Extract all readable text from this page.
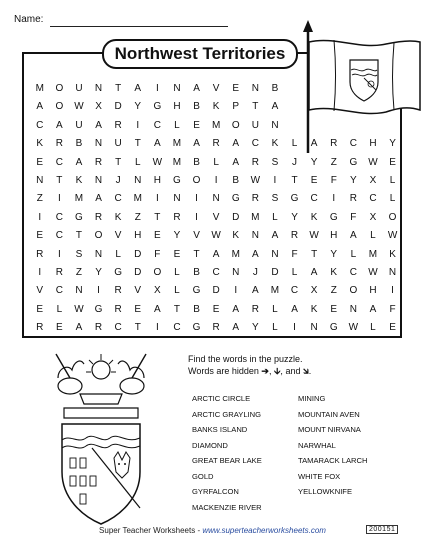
Name:
Northwest Territories
M	O	U	N	T	A	I	N	A	V	E	N	B
A	O	W	X	D	Y	G	H	B	K	P	T	A
C	A	U	A	R	I	C	L	E	M	O	U	N
K	R	B	N	U	T	A	M	A	R	A	C	K	L	A	R	C	H	Y
E	C	A	R	T	L	W	M	B	L	A	R	S	J	Y	Z	G	W	E
N	T	K	N	J	N	H	G	O	I	B	W	I	T	E	F	Y	X	L
Z	I	M	A	C	M	I	N	I	N	G	R	S	G	C	I	R	C	L
I	C	G	R	K	Z	T	R	I	V	D	M	L	Y	K	G	F	X	O
E	C	T	O	V	H	E	Y	V	W	K	N	A	R	W	H	A	L	W
R	I	S	N	L	D	F	E	T	A	M	A	N	F	T	Y	L	M	K
I	R	Z	Y	G	D	O	L	B	C	N	J	D	L	A	K	C	W	N
V	C	N	I	R	V	X	L	G	D	I	A	M	C	X	Z	O	H	I
E	L	W	G	R	E	A	T	B	E	A	R	L	A	K	E	N	A	F
R	E	A	R	C	T	I	C	G	R	A	Y	L	I	N	G	W	L	E
Find the words in the puzzle.
Words are hidden ➔, 🡫, and 🡮.
ARCTIC CIRCLE
ARCTIC GRAYLING
BANKS ISLAND
DIAMOND
GREAT BEAR LAKE
GOLD
GYRFALCON
MACKENZIE RIVER
MINING
MOUNTAIN AVEN
MOUNT NIRVANA
NARWHAL
TAMARACK LARCH
WHITE FOX
YELLOWKNIFE
Super Teacher Worksheets - www.superteacherworksheets.com	200151
